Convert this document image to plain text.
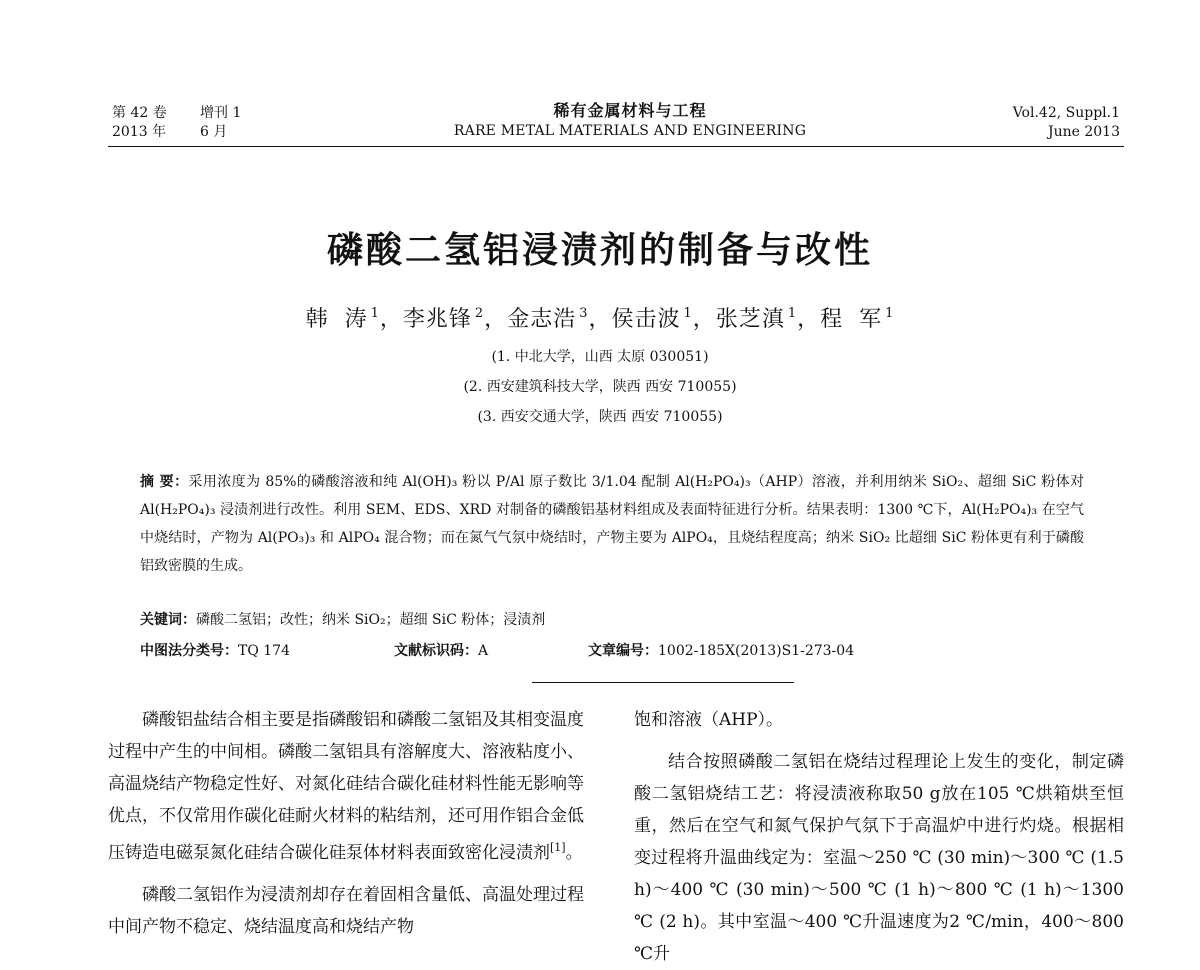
第 42 卷	增刊 1
2013 年	6 月
稀有金属材料与工程
RARE METAL MATERIALS AND ENGINEERING
Vol.42, Suppl.1
June 2013
磷酸二氢铝浸渍剂的制备与改性
韩  涛 $^1$，李兆锋 $^2$，金志浩 $^3$，侯击波 $^1$，张芝滇 $^1$，程  军 $^1$
(1. 中北大学，山西 太原 030051)
(2. 西安建筑科技大学，陕西 西安 710055)
(3. 西安交通大学，陕西 西安 710055)
摘 要：采用浓度为 85%的磷酸溶液和纯 Al(OH)₃ 粉以 P/Al 原子数比 3/1.04 配制 Al(H₂PO₄)₃（AHP）溶液，并利用纳米 SiO₂、超细 SiC 粉体对 Al(H₂PO₄)₃ 浸渍剂进行改性。利用 SEM、EDS、XRD 对制备的磷酸铝基材料组成及表面特征进行分析。结果表明：1300 ℃下，Al(H₂PO₄)₃ 在空气中烧结时，产物为 Al(PO₃)₃ 和 AlPO₄ 混合物；而在氮气气氛中烧结时，产物主要为 AlPO₄，且烧结程度高；纳米 SiO₂ 比超细 SiC 粉体更有利于磷酸铝致密膜的生成。
关键词：磷酸二氢铝；改性；纳米 SiO₂；超细 SiC 粉体；浸渍剂
中图法分类号：TQ 174	文献标识码：A	文章编号：1002-185X(2013)S1-273-04

磷酸铝盐结合相主要是指磷酸铝和磷酸二氢铝及其相变温度过程中产生的中间相。磷酸二氢铝具有溶解度大、溶液粘度小、高温烧结产物稳定性好、对氮化硅结合碳化硅材料性能无影响等优点，不仅常用作碳化硅耐火材料的粘结剂，还可用作铝合金低压铸造电磁泵氮化硅结合碳化硅泵体材料表面致密化浸渍剂[1]。

磷酸二氢铝作为浸渍剂却存在着固相含量低、高温处理过程中间产物不稳定、烧结温度高和烧结产物

饱和溶液（AHP）。

结合按照磷酸二氢铝在烧结过程理论上发生的变化，制定磷酸二氢铝烧结工艺：将浸渍液称取50 g放在105 ℃烘箱烘至恒重，然后在空气和氮气保护气氛下于高温炉中进行灼烧。根据相变过程将升温曲线定为：室温～250 ℃ (30 min)～300 ℃ (1.5 h)～400 ℃ (30 min)～500 ℃ (1 h)～800 ℃ (1 h)～1300 ℃ (2 h)。其中室温～400 ℃升温速度为2 ℃/min，400～800 ℃升
